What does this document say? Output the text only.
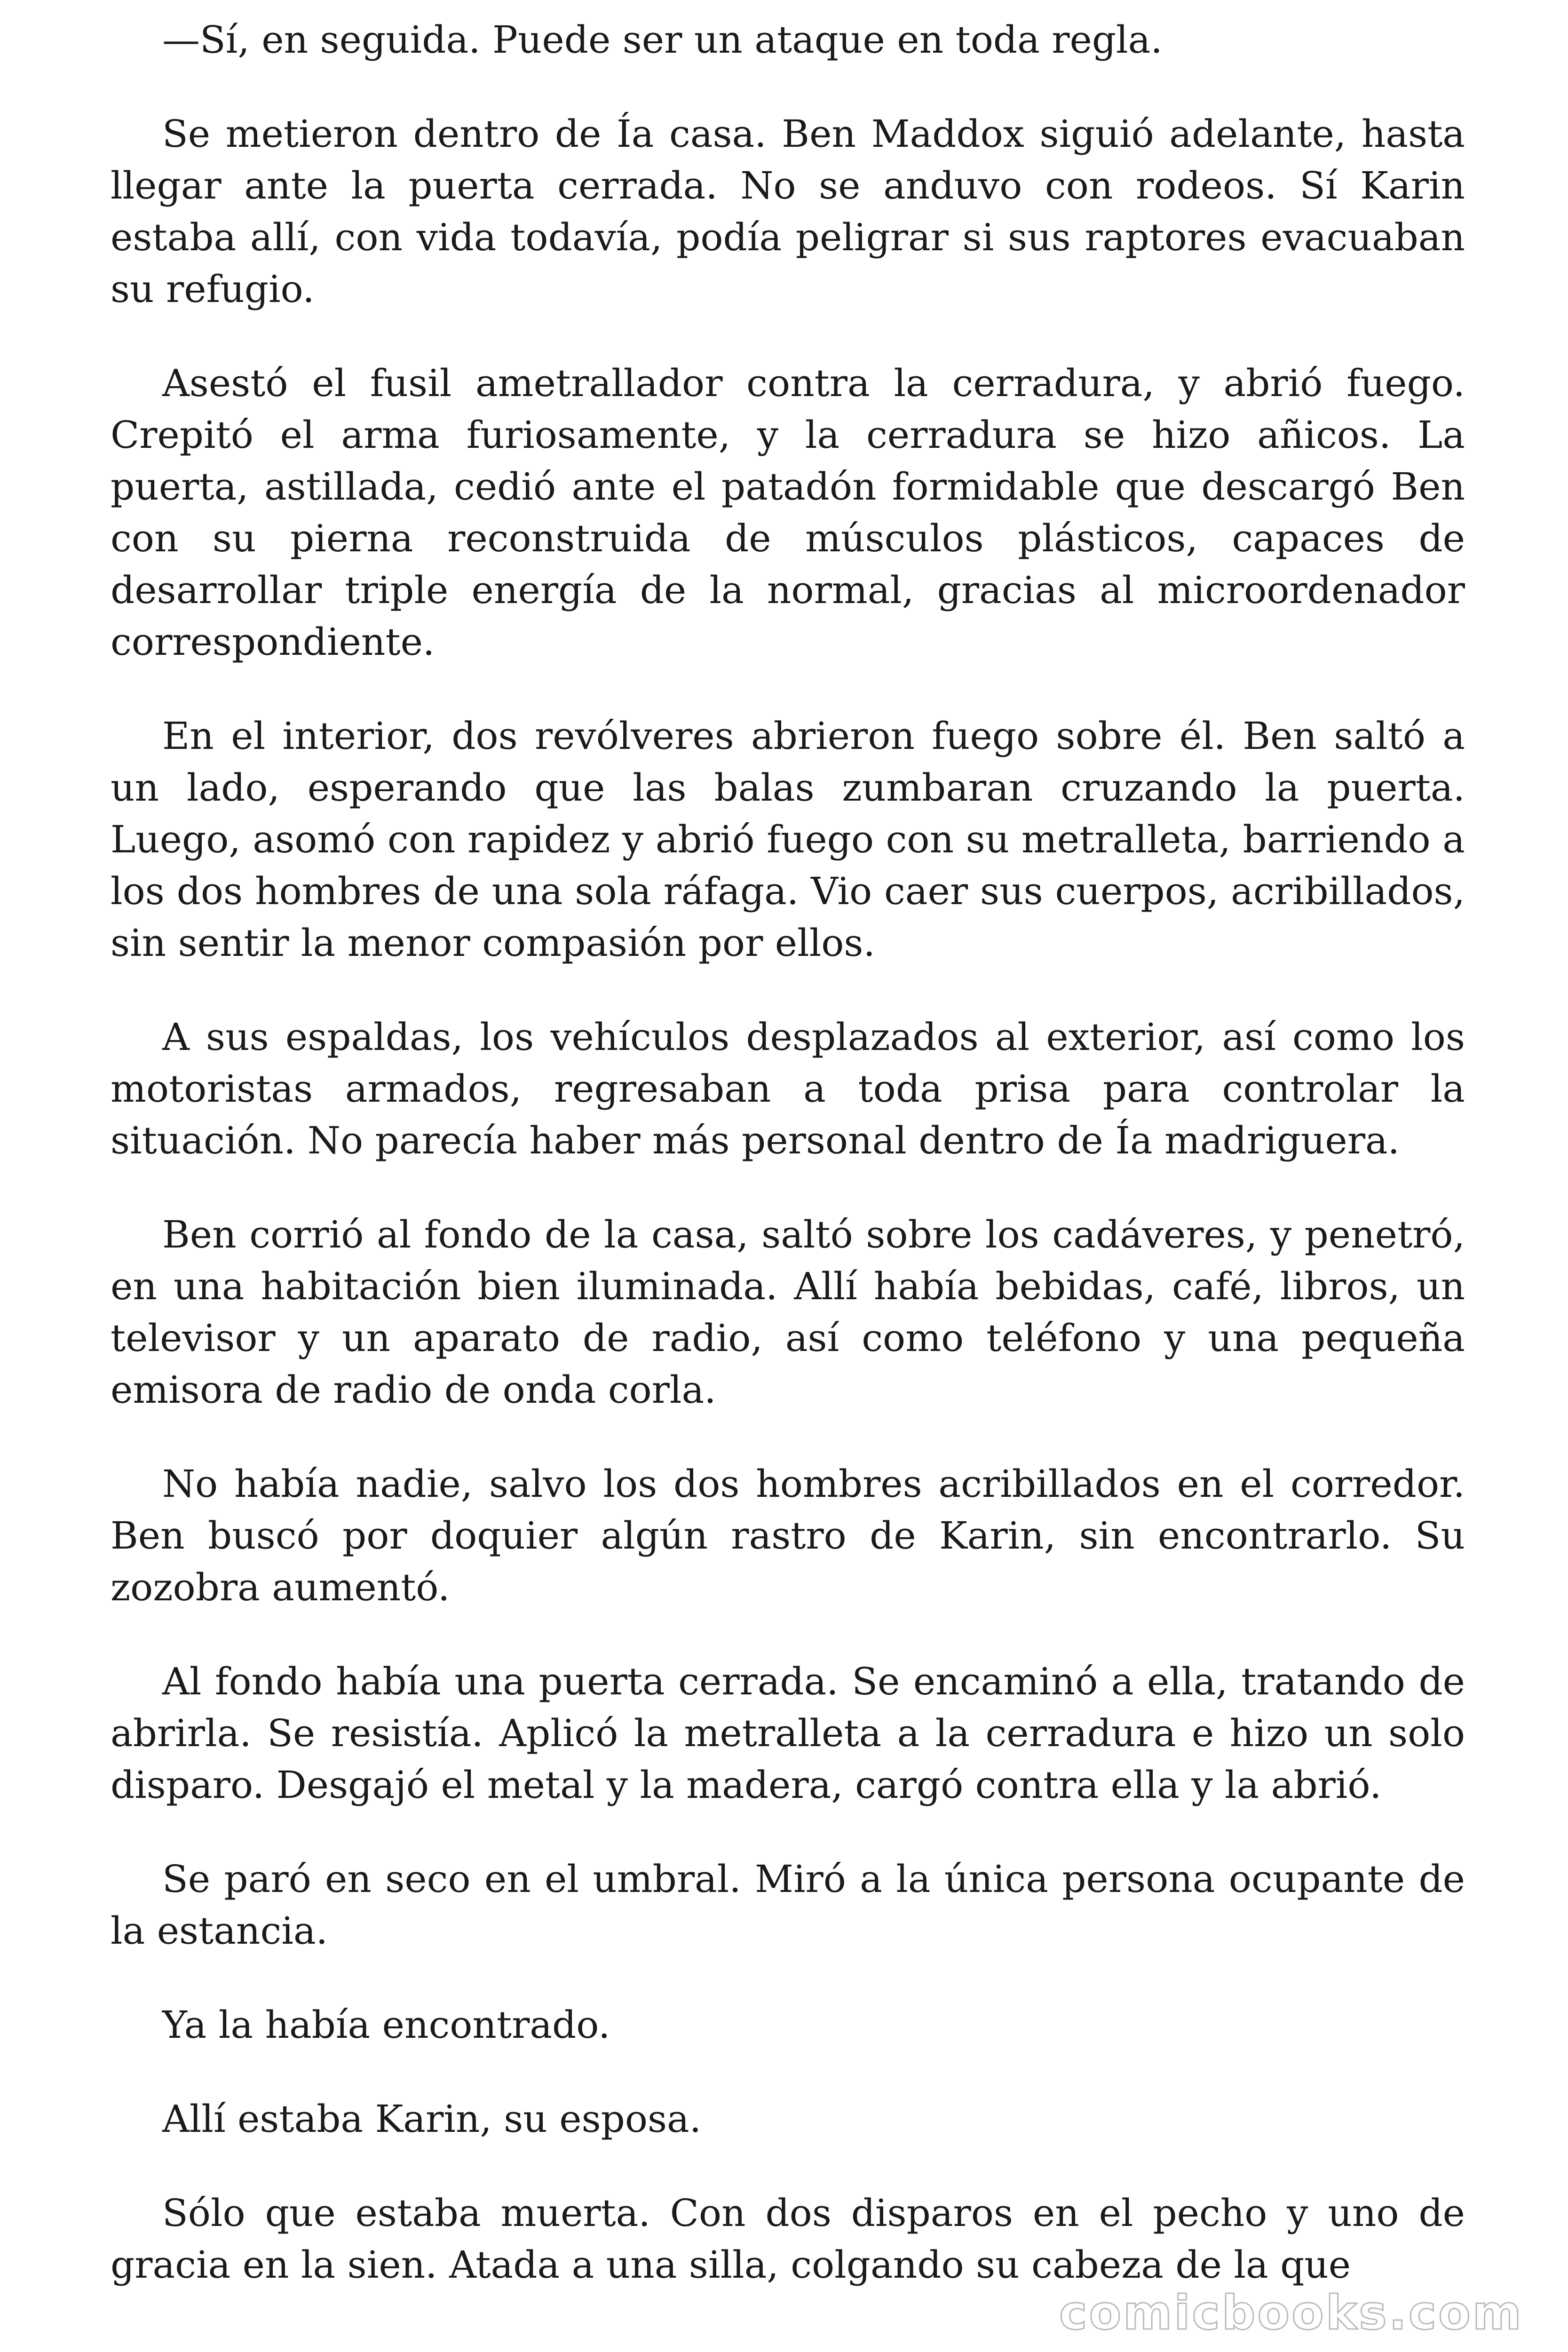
—Sí, en seguida. Puede ser un ataque en toda regla.

Se metieron dentro de Ía casa. Ben Maddox siguió adelante, hasta llegar ante la puerta cerrada. No se anduvo con rodeos. Sí Karin estaba allí, con vida todavía, podía peligrar si sus raptores evacuaban su refugio.

Asestó el fusil ametrallador contra la cerradura, y abrió fuego. Crepitó el arma furiosamente, y la cerradura se hizo añicos. La puerta, astillada, cedió ante el patadón formidable que descargó Ben con su pierna reconstruida de músculos plásticos, capaces de desarrollar triple energía de la normal, gracias al microordenador correspondiente.

En el interior, dos revólveres abrieron fuego sobre él. Ben saltó a un lado, esperando que las balas zumbaran cruzando la puerta. Luego, asomó con rapidez y abrió fuego con su metralleta, barriendo a los dos hombres de una sola ráfaga. Vio caer sus cuerpos, acribillados, sin sentir la menor compasión por ellos.

A sus espaldas, los vehículos desplazados al exterior, así como los motoristas armados, regresaban a toda prisa para controlar la situación. No parecía haber más personal dentro de Ía madriguera.

Ben corrió al fondo de la casa, saltó sobre los cadáveres, y penetró, en una habitación bien iluminada. Allí había bebidas, café, libros, un televisor y un aparato de radio, así como teléfono y una pequeña emisora de radio de onda corla.

No había nadie, salvo los dos hombres acribillados en el corredor. Ben buscó por doquier algún rastro de Karin, sin encontrarlo. Su zozobra aumentó.

Al fondo había una puerta cerrada. Se encaminó a ella, tratando de abrirla. Se resistía. Aplicó la metralleta a la cerradura e hizo un solo disparo. Desgajó el metal y la madera, cargó contra ella y la abrió.

Se paró en seco en el umbral. Miró a la única persona ocupante de la estancia.

Ya la había encontrado.

Allí estaba Karin, su esposa.

Sólo que estaba muerta. Con dos disparos en el pecho y uno de gracia en la sien. Atada a una silla, colgando su cabeza de la que

comicbooks.com
